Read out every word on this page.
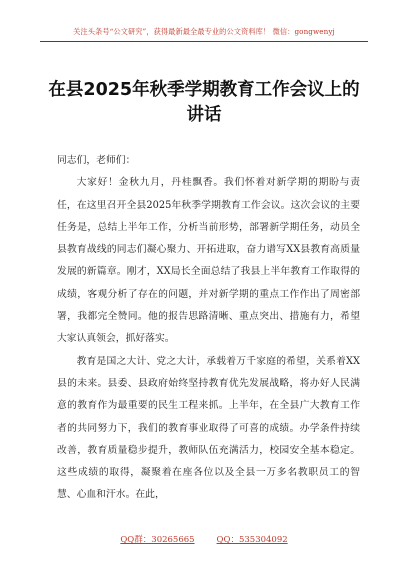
关注头条号“公文研究”，获得最新最全最专业的公文资料库！ 微信：gongwenyj
在县2025年秋季学期教育工作会议上的
讲话

同志们，老师们：

大家好！金秋九月，丹桂飘香。我们怀着对新学期的期盼与责任，在这里召开全县2025年秋季学期教育工作会议。这次会议的主要任务是，总结上半年工作，分析当前形势，部署新学期任务，动员全县教育战线的同志们凝心聚力、开拓进取，奋力谱写XX县教育高质量发展的新篇章。刚才，XX局长全面总结了我县上半年教育工作取得的成绩，客观分析了存在的问题，并对新学期的重点工作作出了周密部署，我都完全赞同。他的报告思路清晰、重点突出、措施有力，希望大家认真领会，抓好落实。

教育是国之大计、党之大计，承载着万千家庭的希望，关系着XX县的未来。县委、县政府始终坚持教育优先发展战略，将办好人民满意的教育作为最重要的民生工程来抓。上半年，在全县广大教育工作者的共同努力下，我们的教育事业取得了可喜的成绩。办学条件持续改善，教育质量稳步提升，教师队伍充满活力，校园安全基本稳定。这些成绩的取得，凝聚着在座各位以及全县一万多名教职员工的智慧、心血和汗水。在此，

QQ群：30265665	QQ：535304092
